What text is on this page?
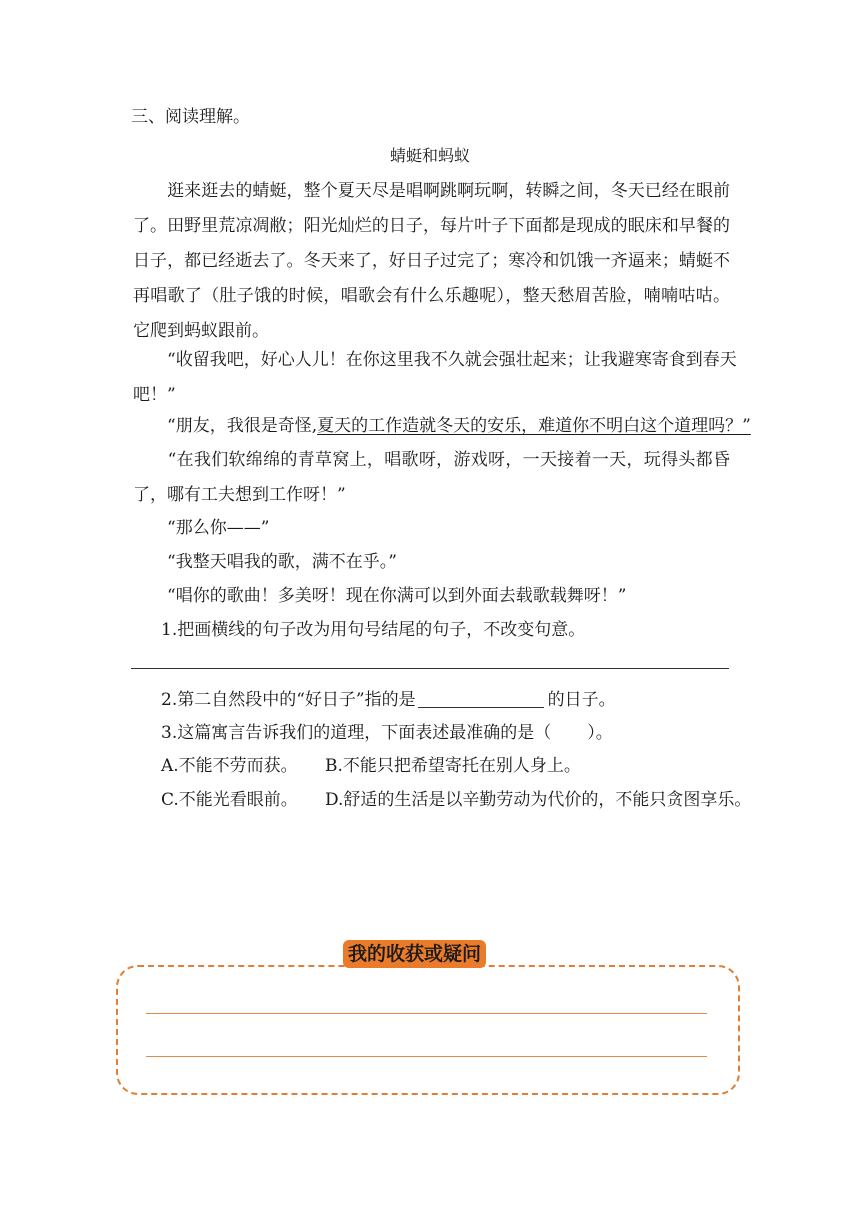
三、阅读理解。
蜻蜓和蚂蚁
　　逛来逛去的蜻蜓，整个夏天尽是唱啊跳啊玩啊，转瞬之间，冬天已经在眼前
了。田野里荒凉凋敝；阳光灿烂的日子，每片叶子下面都是现成的眠床和早餐的
日子，都已经逝去了。冬天来了，好日子过完了；寒冷和饥饿一齐逼来；蜻蜓不
再唱歌了（肚子饿的时候，唱歌会有什么乐趣呢），整天愁眉苦脸，喃喃咕咕。
它爬到蚂蚁跟前。
　　“收留我吧，好心人儿！在你这里我不久就会强壮起来；让我避寒寄食到春天
吧！”
　　“朋友，我很是奇怪,夏天的工作造就冬天的安乐，难道你不明白这个道理吗？”
　　“在我们软绵绵的青草窝上，唱歌呀，游戏呀，一天接着一天，玩得头都昏
了，哪有工夫想到工作呀！”
　　“那么你——”
　　“我整天唱我的歌，满不在乎。”
　　“唱你的歌曲！多美呀！现在你满可以到外面去载歌载舞呀！”
1.把画横线的句子改为用句号结尾的句子，不改变句意。
2.第二自然段中的“好日子”指的是	的日子。
3.这篇寓言告诉我们的道理，下面表述最准确的是（ ）。
A.不能不劳而获。 B.不能只把希望寄托在别人身上。
C.不能光看眼前。 D.舒适的生活是以辛勤劳动为代价的，不能只贪图享乐。
我的收获或疑问
